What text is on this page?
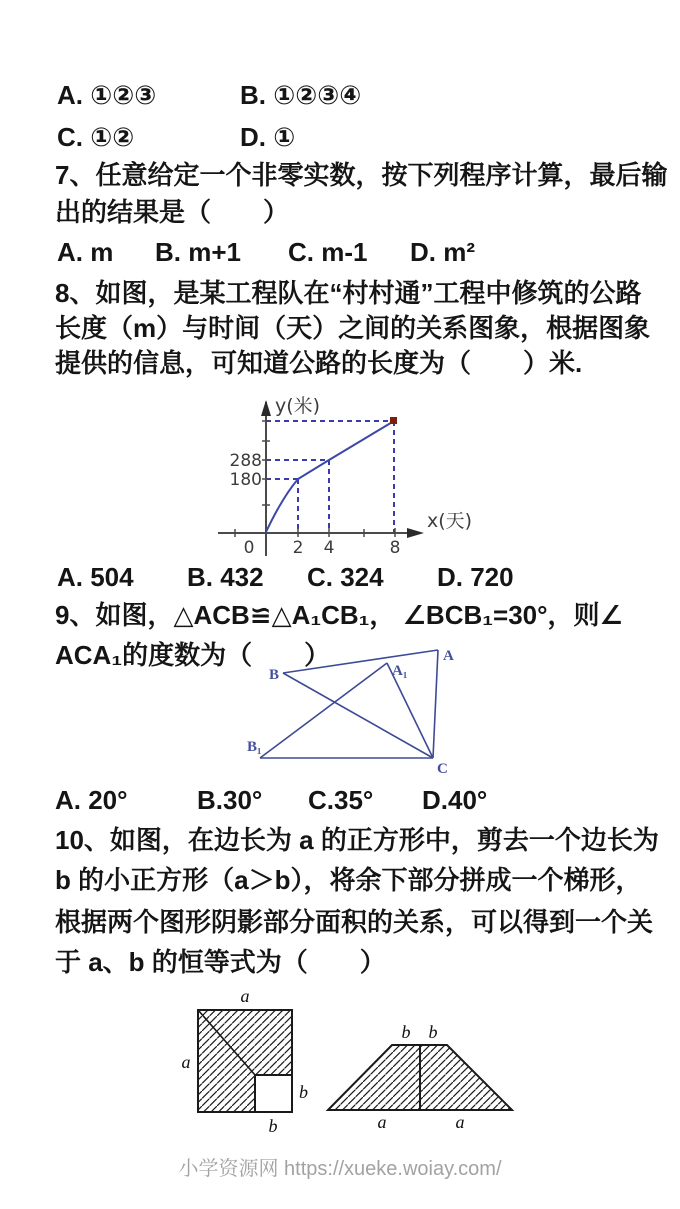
A. ①②③	B. ①②③④
C. ①②	D. ①
7、任意给定一个非零实数，按下列程序计算，最后输
出的结果是（　　）
A. m B. m+1 C. m-1 D. m²
8、如图，是某工程队在“村村通”工程中修筑的公路
长度（m）与时间（天）之间的关系图象，根据图象
提供的信息，可知道公路的长度为（　　）米.
288
180
0 2 4	8
y(米)
x(天)
A. 504 B. 432 C. 324 D. 720
9、如图，△ACB≌△A₁CB₁， ∠BCB₁=30°，则∠
ACA₁的度数为（　　）
B
A
A₁
B₁
C
A. 20°	B.30° C.35° D.40°
10、如图，在边长为 a 的正方形中，剪去一个边长为
b 的小正方形（a＞b），将余下部分拼成一个梯形，
根据两个图形阴影部分面积的关系，可以得到一个关
于 a、b 的恒等式为（　　）
a
a
b
b
b b
a	a
小学资源网 https://xueke.woiay.com/
